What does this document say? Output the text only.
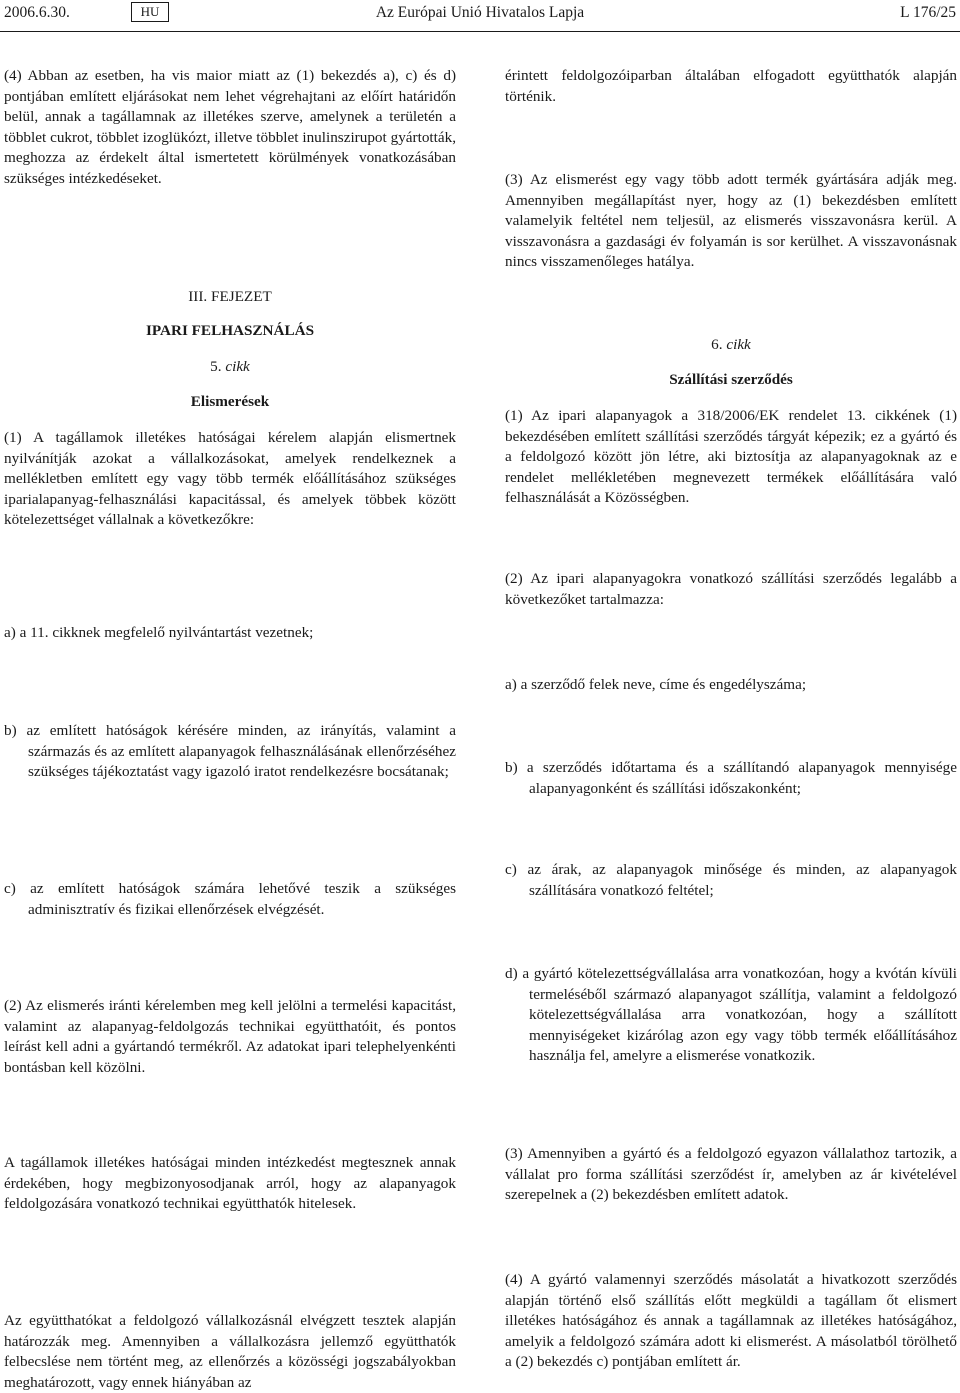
2006.6.30.	HU	Az Európai Unió Hivatalos Lapja	L 176/25

(4) Abban az esetben, ha vis maior miatt az (1) bekezdés a), c) és d) pontjában említett eljárásokat nem lehet végrehajtani az előírt határidőn belül, annak a tagállamnak az illetékes szerve, amelynek a területén a többlet cukrot, többlet izoglükózt, illetve többlet inulinszirupot gyártották, meghozza az érdekelt által ismertetett körülmények vonatkozásában szükséges intézkedéseket.

III. FEJEZET

IPARI FELHASZNÁLÁS

5. cikk

Elismerések

(1) A tagállamok illetékes hatóságai kérelem alapján elismertnek nyilvánítják azokat a vállalkozásokat, amelyek rendelkeznek a mellékletben említett egy vagy több termék előállításához szükséges iparialapanyag-felhasználási kapacitással, és amelyek többek között kötelezettséget vállalnak a következőkre:

a) a 11. cikknek megfelelő nyilvántartást vezetnek;

b) az említett hatóságok kérésére minden, az irányítás, valamint a származás és az említett alapanyagok felhasználásának ellenőrzéséhez szükséges tájékoztatást vagy igazoló iratot rendelkezésre bocsátanak;

c) az említett hatóságok számára lehetővé teszik a szükséges adminisztratív és fizikai ellenőrzések elvégzését.

(2) Az elismerés iránti kérelemben meg kell jelölni a termelési kapacitást, valamint az alapanyag-feldolgozás technikai együtthatóit, és pontos leírást kell adni a gyártandó termékről. Az adatokat ipari telephelyenkénti bontásban kell közölni.

A tagállamok illetékes hatóságai minden intézkedést megtesznek annak érdekében, hogy megbizonyosodjanak arról, hogy az alapanyagok feldolgozására vonatkozó technikai együtthatók hitelesek.

Az együtthatókat a feldolgozó vállalkozásnál elvégzett tesztek alapján határozzák meg. Amennyiben a vállalkozásra jellemző együtthatók felbecslése nem történt meg, az ellenőrzés a közösségi jogszabályokban meghatározott, vagy ennek hiányában az

érintett feldolgozóiparban általában elfogadott együtthatók alapján történik.

(3) Az elismerést egy vagy több adott termék gyártására adják meg. Amennyiben megállapítást nyer, hogy az (1) bekezdésben említett valamelyik feltétel nem teljesül, az elismerés visszavonásra kerül. A visszavonásra a gazdasági év folyamán is sor kerülhet. A visszavonásnak nincs visszamenőleges hatálya.

6. cikk

Szállítási szerződés

(1) Az ipari alapanyagok a 318/2006/EK rendelet 13. cikkének (1) bekezdésében említett szállítási szerződés tárgyát képezik; ez a gyártó és a feldolgozó között jön létre, aki biztosítja az alapanyagoknak az e rendelet mellékletében megnevezett termékek előállítására való felhasználását a Közösségben.

(2) Az ipari alapanyagokra vonatkozó szállítási szerződés legalább a következőket tartalmazza:

a) a szerződő felek neve, címe és engedélyszáma;

b) a szerződés időtartama és a szállítandó alapanyagok mennyisége alapanyagonként és szállítási időszakonként;

c) az árak, az alapanyagok minősége és minden, az alapanyagok szállítására vonatkozó feltétel;

d) a gyártó kötelezettségvállalása arra vonatkozóan, hogy a kvótán kívüli termeléséből származó alapanyagot szállítja, valamint a feldolgozó kötelezettségvállalása arra vonatkozóan, hogy a szállított mennyiségeket kizárólag azon egy vagy több termék előállításához használja fel, amelyre a elismerése vonatkozik.

(3) Amennyiben a gyártó és a feldolgozó egyazon vállalathoz tartozik, a vállalat pro forma szállítási szerződést ír, amelyben az ár kivételével szerepelnek a (2) bekezdésben említett adatok.

(4) A gyártó valamennyi szerződés másolatát a hivatkozott szerződés alapján történő első szállítás előtt megküldi a tagállam őt elismert illetékes hatóságához és annak a tagállamnak az illetékes hatóságához, amelyik a feldolgozó számára adott ki elismerést. A másolatból törölhető a (2) bekezdés c) pontjában említett ár.
